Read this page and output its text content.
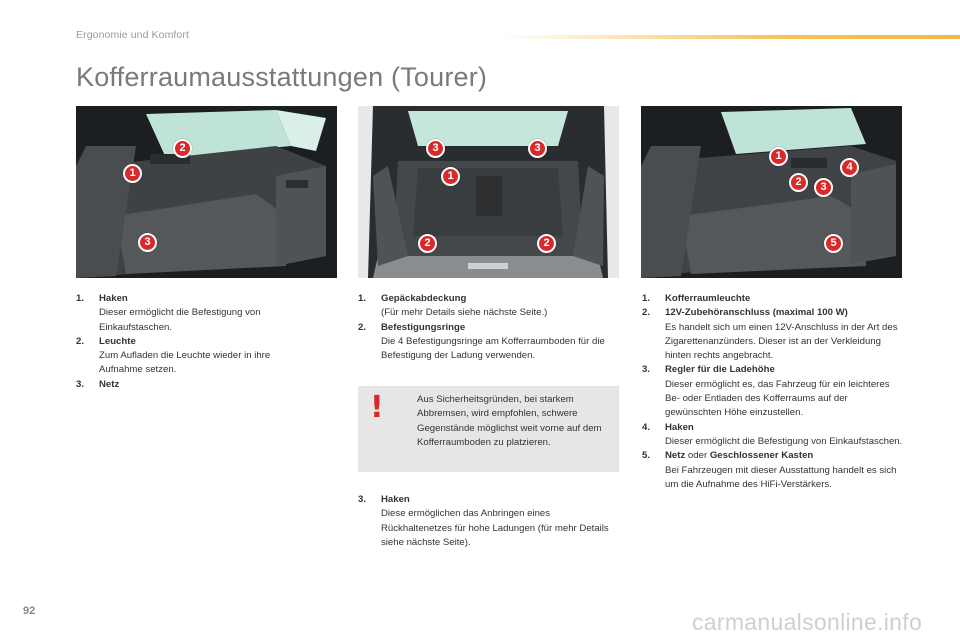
Ergonomie und Komfort
Kofferraumausstattungen (Tourer)
1
2
3
3	3
1
2	2
1
2	3
4
5
1. Haken
Dieser ermöglicht die Befestigung von Einkaufstaschen.
2. Leuchte
Zum Aufladen die Leuchte wieder in ihre Aufnahme setzen.
3. Netz
1. Gepäckabdeckung
(Für mehr Details siehe nächste Seite.)
2. Befestigungsringe
Die 4 Befestigungsringe am Kofferraumboden für die Befestigung der Ladung verwenden.
!	Aus Sicherheitsgründen, bei starkem Abbremsen, wird empfohlen, schwere Gegenstände möglichst weit vorne auf dem Kofferraumboden zu platzieren.
3. Haken
Diese ermöglichen das Anbringen eines Rückhaltenetzes für hohe Ladungen (für mehr Details siehe nächste Seite).
1. Kofferraumleuchte
2. 12V-Zubehöranschluss (maximal 100 W)
Es handelt sich um einen 12V-Anschluss in der Art des Zigarettenanzünders. Dieser ist an der Verkleidung hinten rechts angebracht.
3. Regler für die Ladehöhe
Dieser ermöglicht es, das Fahrzeug für ein leichteres Be- oder Entladen des Kofferraums auf der gewünschten Höhe einzustellen.
4. Haken
Dieser ermöglicht die Befestigung von Einkaufstaschen.
5. Netz oder Geschlossener Kasten
Bei Fahrzeugen mit dieser Ausstattung handelt es sich um die Aufnahme des HiFi-Verstärkers.
92	carmanualsonline.info
